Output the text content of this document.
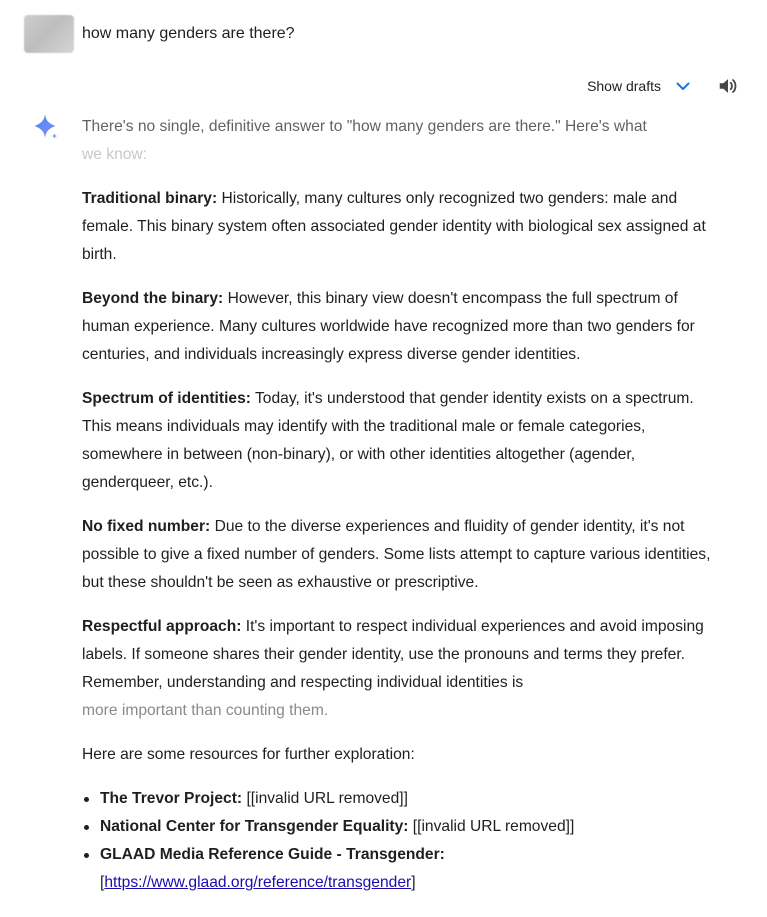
how many genders are there?
Show drafts

There's no single, definitive answer to "how many genders are there." Here's what
we know:

Traditional binary: Historically, many cultures only recognized two genders: male and female. This binary system often associated gender identity with biological sex assigned at birth.

Beyond the binary: However, this binary view doesn't encompass the full spectrum of human experience. Many cultures worldwide have recognized more than two genders for centuries, and individuals increasingly express diverse gender identities.

Spectrum of identities: Today, it's understood that gender identity exists on a spectrum. This means individuals may identify with the traditional male or female categories, somewhere in between (non-binary), or with other identities altogether (agender, genderqueer, etc.).

No fixed number: Due to the diverse experiences and fluidity of gender identity, it's not possible to give a fixed number of genders. Some lists attempt to capture various identities, but these shouldn't be seen as exhaustive or prescriptive.

Respectful approach: It's important to respect individual experiences and avoid imposing labels. If someone shares their gender identity, use the pronouns and terms they prefer. Remember, understanding and respecting individual identities is
more important than counting them.

Here are some resources for further exploration:

The Trevor Project: [[invalid URL removed]]
National Center for Transgender Equality: [[invalid URL removed]]
GLAAD Media Reference Guide - Transgender:
[https://www.glaad.org/reference/transgender]
